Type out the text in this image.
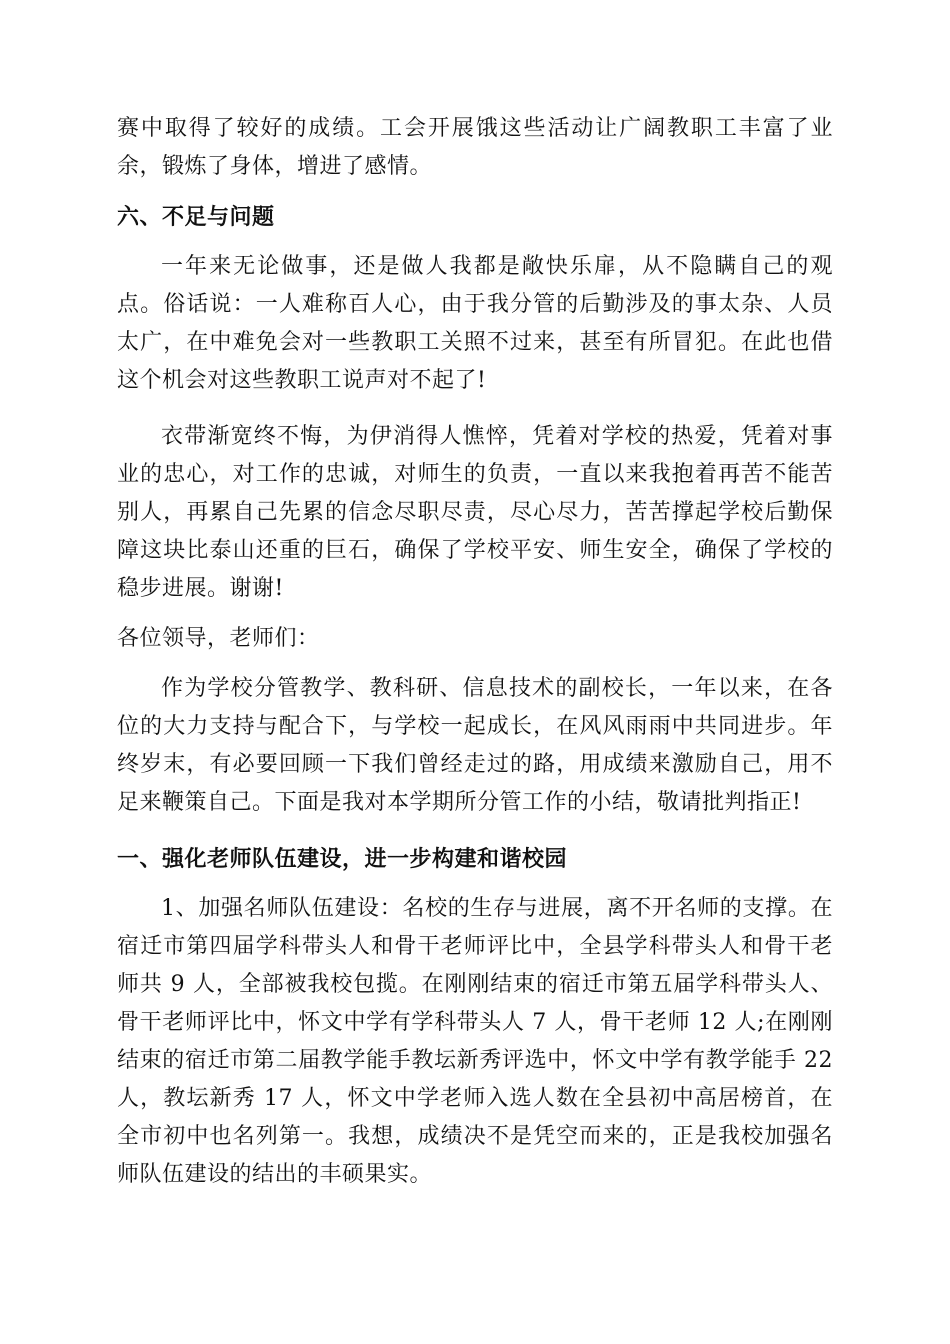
赛中取得了较好的成绩。工会开展饿这些活动让广阔教职工丰富了业余，锻炼了身体，增进了感情。

六、不足与问题

一年来无论做事，还是做人我都是敞快乐扉，从不隐瞒自己的观点。俗话说：一人难称百人心，由于我分管的后勤涉及的事太杂、人员太广，在中难免会对一些教职工关照不过来，甚至有所冒犯。在此也借这个机会对这些教职工说声对不起了!

衣带渐宽终不悔，为伊消得人憔悴，凭着对学校的热爱，凭着对事业的忠心，对工作的忠诚，对师生的负责，一直以来我抱着再苦不能苦别人，再累自己先累的信念尽职尽责，尽心尽力，苦苦撑起学校后勤保障这块比泰山还重的巨石，确保了学校平安、师生安全，确保了学校的稳步进展。谢谢!

各位领导，老师们：

作为学校分管教学、教科研、信息技术的副校长，一年以来，在各位的大力支持与配合下，与学校一起成长，在风风雨雨中共同进步。年终岁末，有必要回顾一下我们曾经走过的路，用成绩来激励自己，用不足来鞭策自己。下面是我对本学期所分管工作的小结，敬请批判指正!

一、强化老师队伍建设，进一步构建和谐校园

1、加强名师队伍建设：名校的生存与进展，离不开名师的支撑。在宿迁市第四届学科带头人和骨干老师评比中，全县学科带头人和骨干老师共 9 人，全部被我校包揽。在刚刚结束的宿迁市第五届学科带头人、骨干老师评比中，怀文中学有学科带头人 7 人，骨干老师 12 人;在刚刚结束的宿迁市第二届教学能手教坛新秀评选中，怀文中学有教学能手 22 人，教坛新秀 17 人，怀文中学老师入选人数在全县初中高居榜首，在全市初中也名列第一。我想，成绩决不是凭空而来的，正是我校加强名师队伍建设的结出的丰硕果实。
